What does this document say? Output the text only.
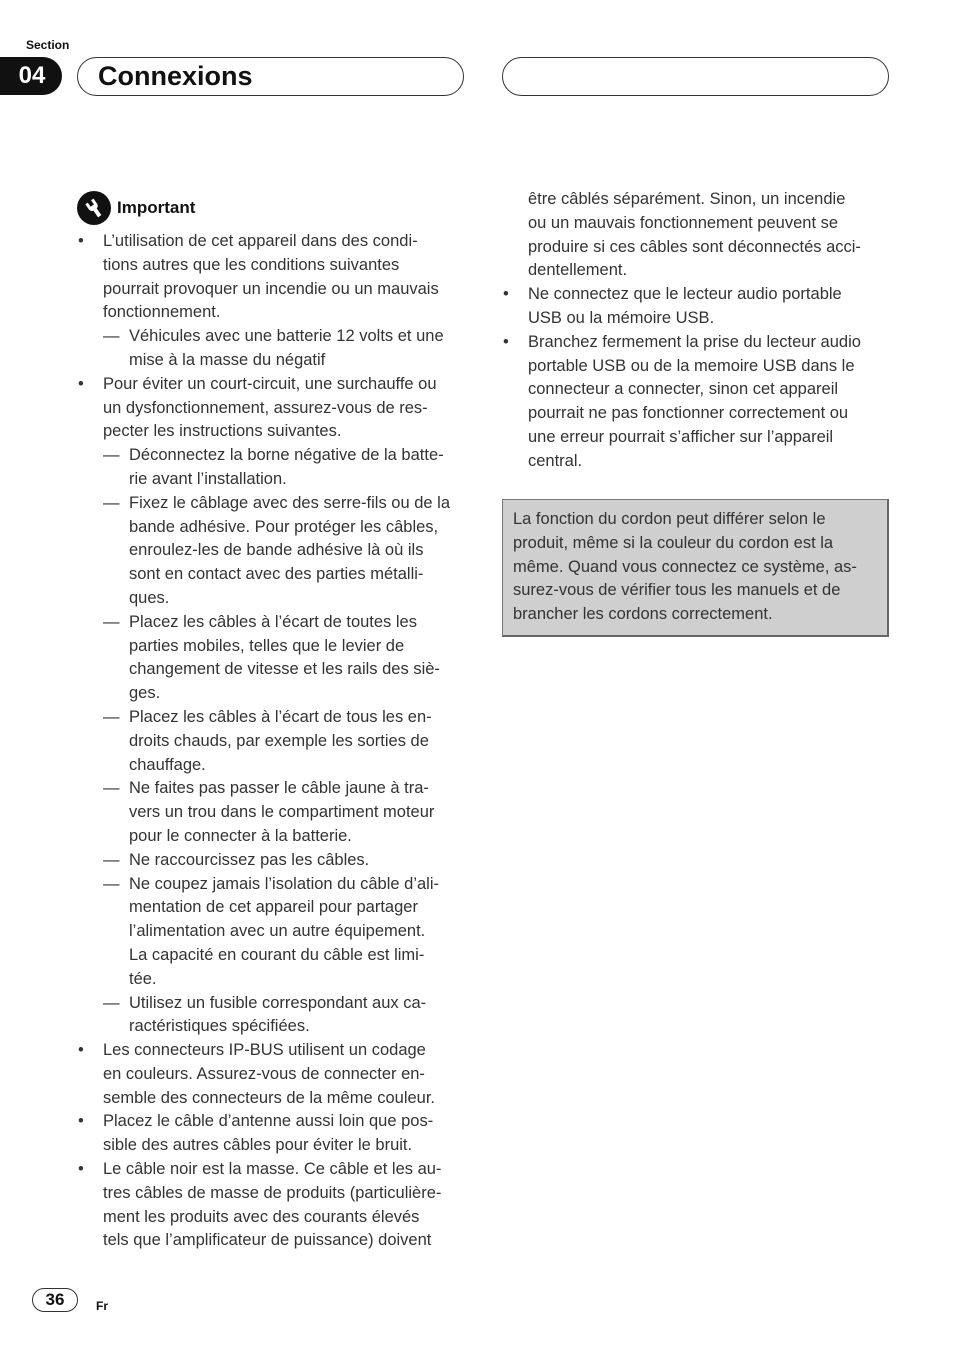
Section
04	Connexions
Important
• L’utilisation de cet appareil dans des condi-
tions autres que les conditions suivantes
pourrait provoquer un incendie ou un mauvais
fonctionnement.
— Véhicules avec une batterie 12 volts et une
mise à la masse du négatif
• Pour éviter un court-circuit, une surchauffe ou
un dysfonctionnement, assurez-vous de res-
pecter les instructions suivantes.
— Déconnectez la borne négative de la batte-
rie avant l’installation.
— Fixez le câblage avec des serre-fils ou de la
bande adhésive. Pour protéger les câbles,
enroulez-les de bande adhésive là où ils
sont en contact avec des parties métalli-
ques.
— Placez les câbles à l’écart de toutes les
parties mobiles, telles que le levier de
changement de vitesse et les rails des siè-
ges.
— Placez les câbles à l’écart de tous les en-
droits chauds, par exemple les sorties de
chauffage.
— Ne faites pas passer le câble jaune à tra-
vers un trou dans le compartiment moteur
pour le connecter à la batterie.
— Ne raccourcissez pas les câbles.
— Ne coupez jamais l’isolation du câble d’ali-
mentation de cet appareil pour partager
l’alimentation avec un autre équipement.
La capacité en courant du câble est limi-
tée.
— Utilisez un fusible correspondant aux ca-
ractéristiques spécifiées.
• Les connecteurs IP-BUS utilisent un codage
en couleurs. Assurez-vous de connecter en-
semble des connecteurs de la même couleur.
• Placez le câble d’antenne aussi loin que pos-
sible des autres câbles pour éviter le bruit.
• Le câble noir est la masse. Ce câble et les au-
tres câbles de masse de produits (particulière-
ment les produits avec des courants élevés
tels que l’amplificateur de puissance) doivent
être câblés séparément. Sinon, un incendie
ou un mauvais fonctionnement peuvent se
produire si ces câbles sont déconnectés acci-
dentellement.
• Ne connectez que le lecteur audio portable
USB ou la mémoire USB.
• Branchez fermement la prise du lecteur audio
portable USB ou de la memoire USB dans le
connecteur a connecter, sinon cet appareil
pourrait ne pas fonctionner correctement ou
une erreur pourrait s’afficher sur l’appareil
central.
La fonction du cordon peut différer selon le
produit, même si la couleur du cordon est la
même. Quand vous connectez ce système, as-
surez-vous de vérifier tous les manuels et de
brancher les cordons correctement.
36	Fr
